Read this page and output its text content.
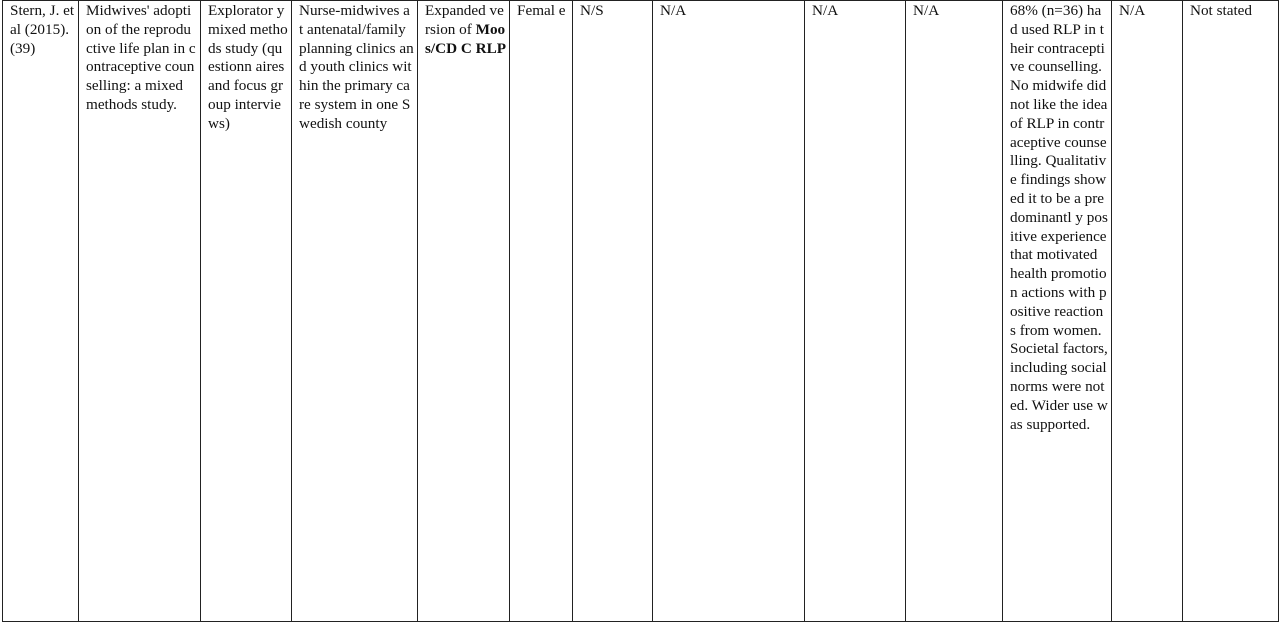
Stern, J. et al (2015). (39)	Midwives' adoption of the reproductive life plan in contraceptive counselling: a mixed methods study.	Explorator y mixed methods study (questionn aires and focus group interviews)	Nurse-midwives at antenatal/family planning clinics and youth clinics within the primary care system in one Swedish county	Expanded version of Moos/CD C RLP	Femal e	N/S	N/A	N/A	N/A	68% (n=36) had used RLP in their contraceptive counselling. No midwife did not like the idea of RLP in contraceptive counselling. Qualitative findings showed it to be a predominantl y positive experience that motivated health promotion actions with positive reactions from women. Societal factors, including social norms were noted. Wider use was supported.	N/A	Not stated
